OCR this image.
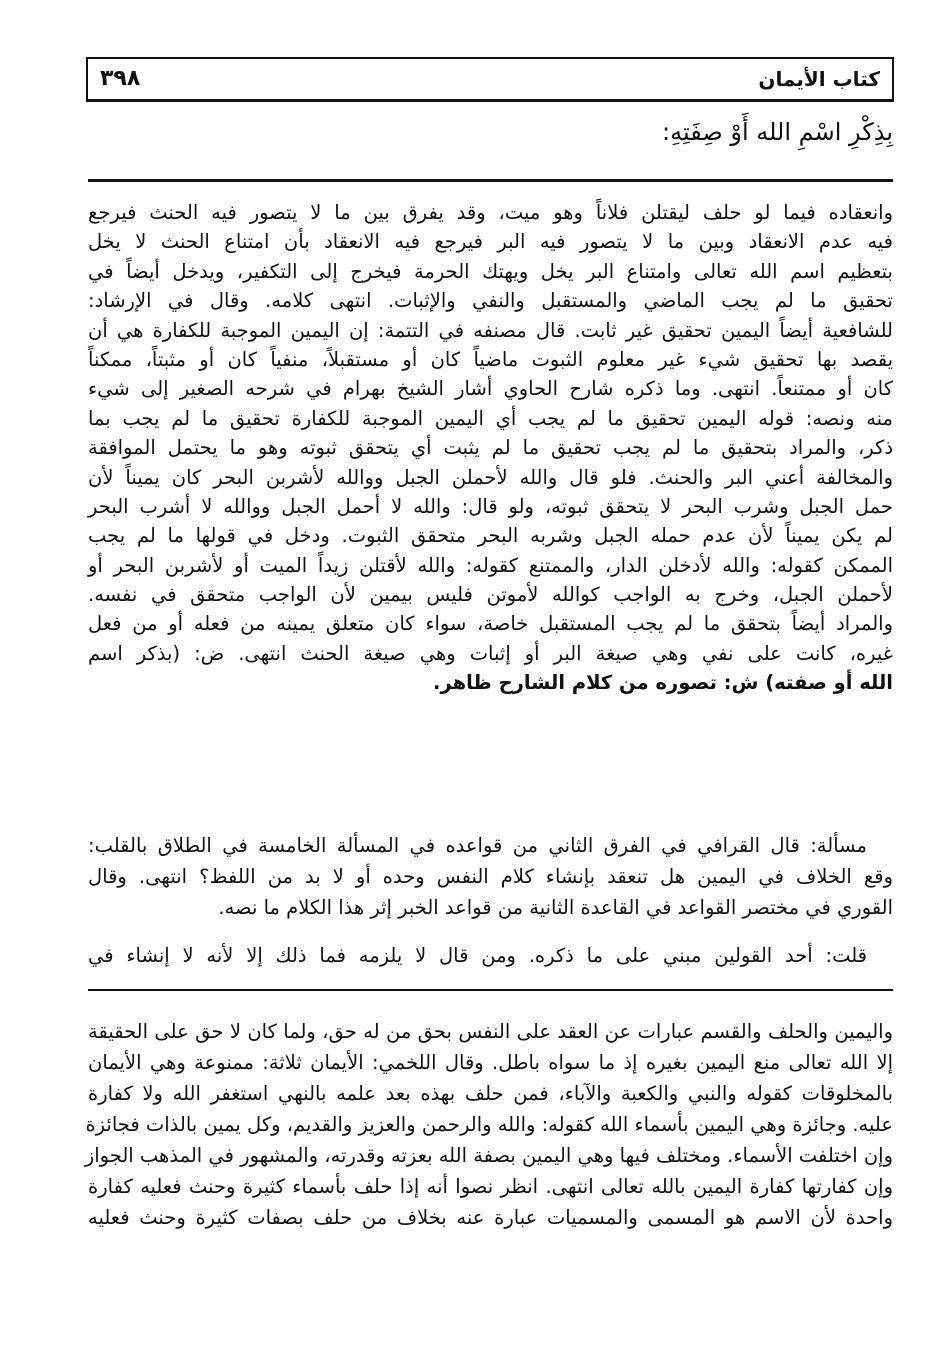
٣٩٨	كتاب الأيمان
بِذِكْرِ اسْمِ الله أَوْ صِفَتِهِ:
وانعقاده فيما لو حلف ليقتلن فلاناً وهو ميت، وقد يفرق بين ما لا يتصور فيه الحنث فيرجع
فيه عدم الانعقاد وبين ما لا يتصور فيه البر فيرجع فيه الانعقاد بأن امتناع الحنث لا يخل
بتعظيم اسم الله تعالى وامتناع البر يخل ويهتك الحرمة فيخرج إلى التكفير، ويدخل أيضاً في
تحقيق ما لم يجب الماضي والمستقبل والنفي والإثبات. انتهى كلامه. وقال في الإرشاد:
للشافعية أيضاً اليمين تحقيق غير ثابت. قال مصنفه في التتمة: إن اليمين الموجبة للكفارة هي أن
يقصد بها تحقيق شيء غير معلوم الثبوت ماضياً كان أو مستقبلاً، منفياً كان أو مثبتاً، ممكناً
كان أو ممتنعاً. انتهى. وما ذكره شارح الحاوي أشار الشيخ بهرام في شرحه الصغير إلى شيء
منه ونصه: قوله اليمين تحقيق ما لم يجب أي اليمين الموجبة للكفارة تحقيق ما لم يجب بما
ذكر، والمراد بتحقيق ما لم يجب تحقيق ما لم يثبت أي يتحقق ثبوته وهو ما يحتمل الموافقة
والمخالفة أعني البر والحنث. فلو قال والله لأحملن الجبل ووالله لأشربن البحر كان يميناً لأن
حمل الجبل وشرب البحر لا يتحقق ثبوته، ولو قال: والله لا أحمل الجبل ووالله لا أشرب البحر
لم يكن يميناً لأن عدم حمله الجبل وشربه البحر متحقق الثبوت. ودخل في قولها ما لم يجب
الممكن كقوله: والله لأدخلن الدار، والممتنع كقوله: والله لأقتلن زيداً الميت أو لأشربن البحر أو
لأحملن الجبل، وخرج به الواجب كوالله لأموتن فليس بيمين لأن الواجب متحقق في نفسه.
والمراد أيضاً بتحقق ما لم يجب المستقبل خاصة، سواء كان متعلق يمينه من فعله أو من فعل
غيره، كانت على نفي وهي صيغة البر أو إثبات وهي صيغة الحنث انتهى. ض: (بذكر اسم
الله أو صفته) ش: تصوره من كلام الشارح ظاهر.
مسألة: قال القرافي في الفرق الثاني من قواعده في المسألة الخامسة في الطلاق بالقلب:
وقع الخلاف في اليمين هل تنعقد بإنشاء كلام النفس وحده أو لا بد من اللفظ؟ انتهى. وقال
القوري في مختصر القواعد في القاعدة الثانية من قواعد الخبر إثر هذا الكلام ما نصه.
قلت: أحد القولين مبني على ما ذكره. ومن قال لا يلزمه فما ذلك إلا لأنه لا إنشاء في
واليمين والحلف والقسم عبارات عن العقد على النفس بحق من له حق، ولما كان لا حق على الحقيقة
إلا الله تعالى منع اليمين بغيره إذ ما سواه باطل. وقال اللخمي: الأيمان ثلاثة: ممنوعة وهي الأيمان
بالمخلوقات كقوله والنبي والكعبة والآباء، فمن حلف بهذه بعد علمه بالنهي استغفر الله ولا كفارة
عليه. وجائزة وهي اليمين بأسماء الله كقوله: والله والرحمن والعزيز والقديم، وكل يمين بالذات فجائزة
وإن اختلفت الأسماء. ومختلف فيها وهي اليمين بصفة الله بعزته وقدرته، والمشهور في المذهب الجواز
وإن كفارتها كفارة اليمين بالله تعالى انتهى. انظر نصوا أنه إذا حلف بأسماء كثيرة وحنث فعليه كفارة
واحدة لأن الاسم هو المسمى والمسميات عبارة عنه بخلاف من حلف بصفات كثيرة وحنث فعليه
